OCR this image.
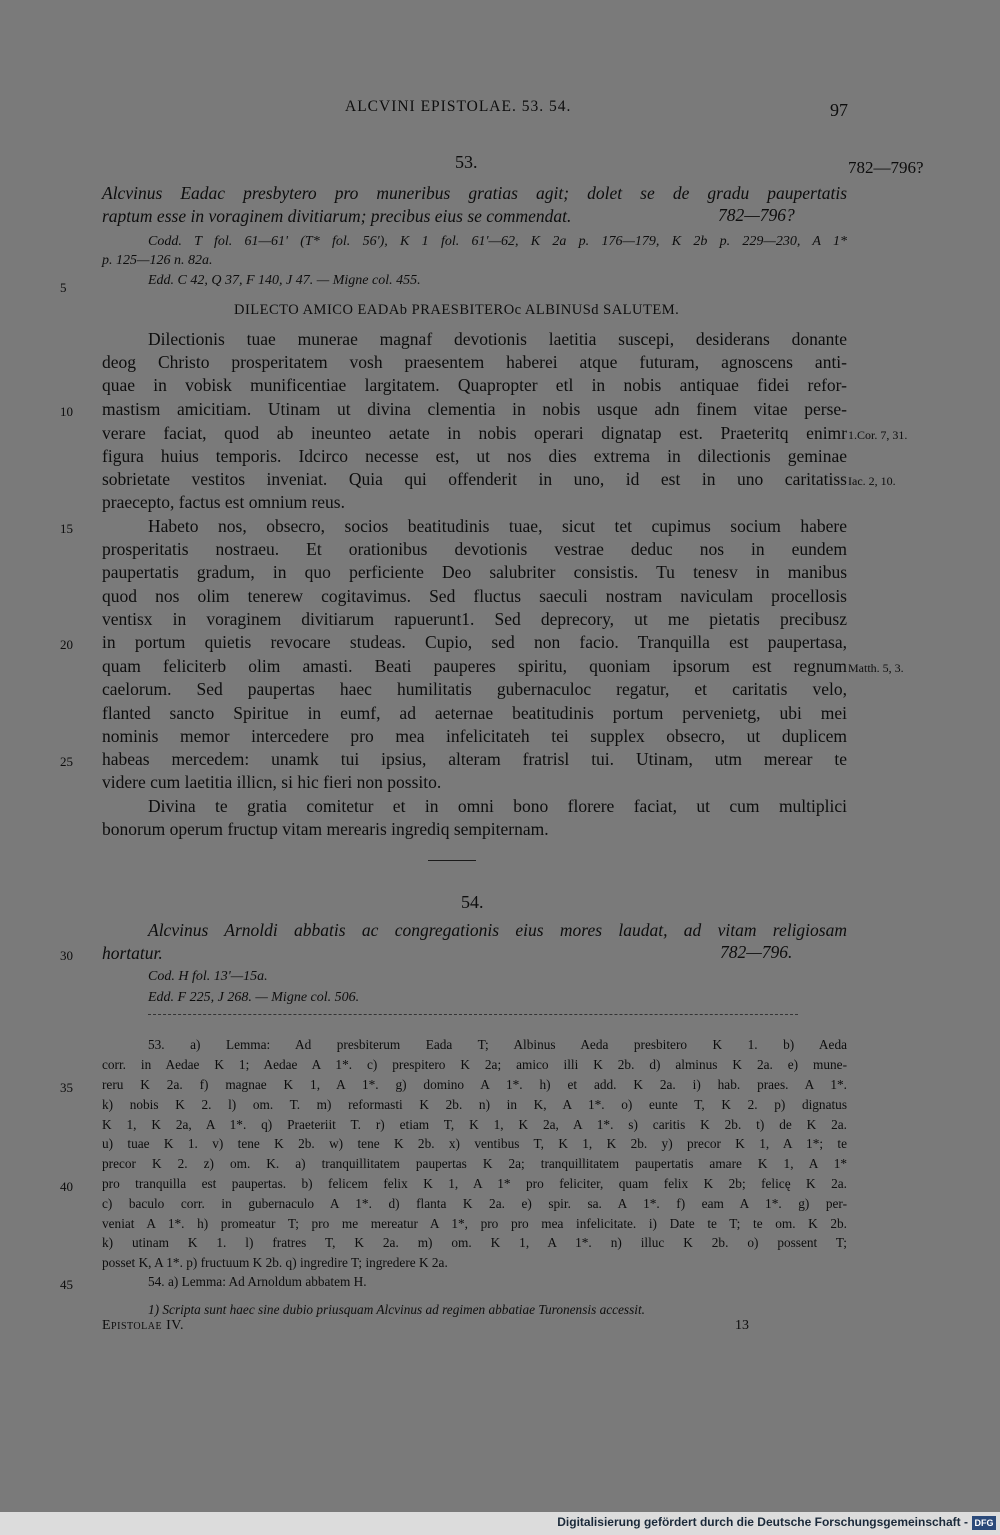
ALCVINI EPISTOLAE. 53. 54.	97
53.	782—796?
Alcvinus Eadac presbytero pro muneribus gratias agit; dolet se de gradu paupertatis
raptum esse in voraginem divitiarum; precibus eius se commendat.	782—796?
Codd. T fol. 61—61' (T* fol. 56'), K 1 fol. 61'—62, K 2a p. 176—179, K 2b p. 229—230, A 1*
p. 125—126 n. 82a.
Edd. C 42, Q 37, F 140, J 47. — Migne col. 455.
DILECTO AMICO EADAb PRAESBITEROc ALBINUSd SALUTEM.
Dilectionis tuae munerae magnaf devotionis laetitia suscepi, desiderans donante
deog Christo prosperitatem vosh praesentem haberei atque futuram, agnoscens anti-
quae in vobisk munificentiae largitatem. Quapropter etl in nobis antiquae fidei refor-
mastism amicitiam. Utinam ut divina clementia in nobis usque adn finem vitae perse-
verare faciat, quod ab ineunteo aetate in nobis operari dignatap est. Praeteritq enimr
figura huius temporis. Idcirco necesse est, ut nos dies extrema in dilectionis geminae
sobrietate vestitos inveniat. Quia qui offenderit in uno, id est in uno caritatiss
praecepto, factus est omnium reus.
Habeto nos, obsecro, socios beatitudinis tuae, sicut tet cupimus socium habere
prosperitatis nostraeu. Et orationibus devotionis vestrae deduc nos in eundem
paupertatis gradum, in quo perficiente Deo salubriter consistis. Tu tenesv in manibus
quod nos olim tenerew cogitavimus. Sed fluctus saeculi nostram naviculam procellosis
ventisx in voraginem divitiarum rapuerunt1. Sed deprecory, ut me pietatis precibusz
in portum quietis revocare studeas. Cupio, sed non facio. Tranquilla est paupertasa,
quam feliciterb olim amasti. Beati pauperes spiritu, quoniam ipsorum est regnum
caelorum. Sed paupertas haec humilitatis gubernaculoc regatur, et caritatis velo,
flanted sancto Spiritue in eumf, ad aeternae beatitudinis portum pervenietg, ubi mei
nominis memor intercedere pro mea infelicitateh tei supplex obsecro, ut duplicem
habeas mercedem: unamk tui ipsius, alteram fratrisl tui. Utinam, utm merear te
videre cum laetitia illicn, si hic fieri non possito.
Divina te gratia comitetur et in omni bono florere faciat, ut cum multiplici
bonorum operum fructup vitam merearis ingrediq sempiternam.
1.Cor. 7, 31.
Iac. 2, 10.
Matth. 5, 3.
54.
Alcvinus Arnoldi abbatis ac congregationis eius mores laudat, ad vitam religiosam
hortatur.	782—796.
Cod. H fol. 13'—15a.
Edd. F 225, J 268. — Migne col. 506.
53. a) Lemma: Ad presbiterum Eada T; Albinus Aeda presbitero K 1. b) Aeda
corr. in Aedae K 1; Aedae A 1*. c) prespitero K 2a; amico illi K 2b. d) alminus K 2a. e) mune-
reru K 2a. f) magnae K 1, A 1*. g) domino A 1*. h) et add. K 2a. i) hab. praes. A 1*.
k) nobis K 2. l) om. T. m) reformasti K 2b. n) in K, A 1*. o) eunte T, K 2. p) dignatus
K 1, K 2a, A 1*. q) Praeteriit T. r) etiam T, K 1, K 2a, A 1*. s) caritis K 2b. t) de K 2a.
u) tuae K 1. v) tene K 2b. w) tene K 2b. x) ventibus T, K 1, K 2b. y) precor K 1, A 1*; te
precor K 2. z) om. K. a) tranquillitatem paupertas K 2a; tranquillitatem paupertatis amare K 1, A 1*
pro tranquilla est paupertas. b) felicem felix K 1, A 1* pro feliciter, quam felix K 2b; felicę K 2a.
c) baculo corr. in gubernaculo A 1*. d) flanta K 2a. e) spir. sa. A 1*. f) eam A 1*. g) per-
veniat A 1*. h) promeatur T; pro me mereatur A 1*, pro pro mea infelicitate. i) Date te T; te om. K 2b.
k) utinam K 1. l) fratres T, K 2a. m) om. K 1, A 1*. n) illuc K 2b. o) possent T;
posset K, A 1*. p) fructuum K 2b. q) ingredire T; ingredere K 2a.
54. a) Lemma: Ad Arnoldum abbatem H.
1) Scripta sunt haec sine dubio priusquam Alcvinus ad regimen abbatiae Turonensis accessit.
Epistolae IV.	13
5
10
15
20
25
30
35
40
45
Digitalisierung gefördert durch die Deutsche Forschungsgemeinschaft - DFG
